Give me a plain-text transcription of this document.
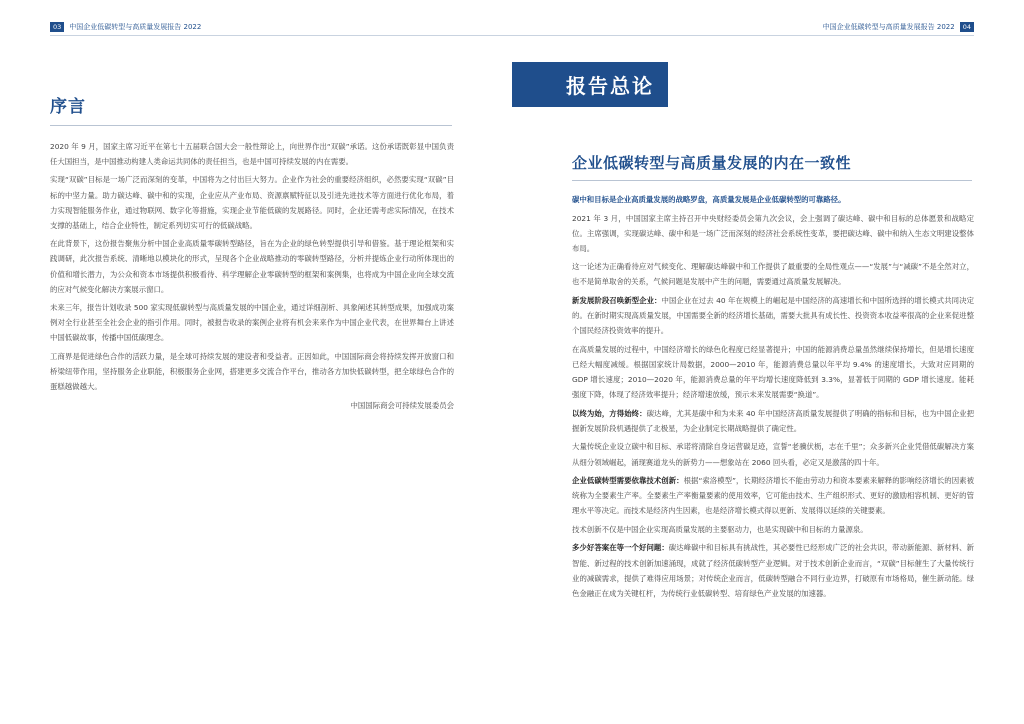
03	中国企业低碳转型与高质量发展报告 2022
序言

2020 年 9 月，国家主席习近平在第七十五届联合国大会一般性辩论上，向世界作出“双碳”承诺。这份承诺既彰显中国负责任大国担当，是中国推动构建人类命运共同体的责任担当，也是中国可持续发展的内在需要。

实现“双碳”目标是一场广泛而深刻的变革，中国将为之付出巨大努力。企业作为社会的重要经济组织，必然要实现“双碳”目标的中坚力量。助力碳达峰、碳中和的实现，企业应从产业布局、资源禀赋特征以及引进先进技术等方面进行优化布局，着力实现智能服务作业，通过物联网、数字化等措施，实现企业节能低碳的发展路径。同时，企业还需考虑实际情况，在技术支撑的基础上，结合企业特性，制定系列切实可行的低碳战略。

在此背景下，这份报告聚焦分析中国企业高质量零碳转型路径，旨在为企业的绿色转型提供引导和借鉴。基于理论框架和实践调研，此次报告系统、清晰地以模块化的形式，呈现各个企业战略推动的零碳转型路径，分析并提炼企业行动所体现出的价值和增长潜力，为公众和资本市场提供积极看待、科学理解企业零碳转型的框架和案例集，也将成为中国企业向全球交流的应对气候变化解决方案展示窗口。

未来三年，报告计划收录 500 家实现低碳转型与高质量发展的中国企业，通过详细剖析、具象阐述其转型成果，加强成功案例对全行业甚至全社会企业的指引作用。同时，被报告收录的案例企业将有机会来来作为中国企业代表，在世界舞台上讲述中国低碳故事，传播中国低碳理念。

工商界是促进绿色合作的活跃力量，是全球可持续发展的建设者和受益者。正因如此，中国国际商会将持续发挥开放窗口和桥梁纽带作用，坚持服务企业职能，积极服务企业网，搭建更多交流合作平台，推动各方加快低碳转型，把全球绿色合作的蛋糕越做越大。

中国国际商会可持续发展委员会

中国企业低碳转型与高质量发展报告 2022	04
报告总论
企业低碳转型与高质量发展的内在一致性

碳中和目标是企业高质量发展的战略罗盘，高质量发展是企业低碳转型的可靠路径。

2021 年 3 月，中国国家主席主持召开中央财经委员会第九次会议，会上强调了碳达峰、碳中和目标的总体愿景和战略定位。主席强调，实现碳达峰、碳中和是一场广泛而深刻的经济社会系统性变革，要把碳达峰、碳中和纳入生态文明建设整体布局。

这一论述为正确看待应对气候变化、理解碳达峰碳中和工作提供了最重要的全局性观点——“发展”与“减碳”不是全然对立，也不是简单取舍的关系，气候问题是发展中产生的问题，需要通过高质量发展解决。

新发展阶段召唤新型企业：中国企业在过去 40 年在规模上的崛起是中国经济的高速增长和中国所选择的增长模式共同决定的。在新时期实现高质量发展，中国需要全新的经济增长基础，需要大批具有成长性、投资资本收益率很高的企业来促进整个国民经济投资效率的提升。

在高质量发展的过程中，中国经济增长的绿色化程度已经显著提升；中国的能源消费总量虽然继续保持增长，但是增长速度已经大幅度减缓。根据国家统计局数据，2000—2010 年，能源消费总量以年平均 9.4% 的速度增长，大致对应同期的 GDP 增长速度；2010—2020 年，能源消费总量的年平均增长速度降低到 3.3%，显著低于同期的 GDP 增长速度。能耗强度下降，体现了经济效率提升；经济增速放缓，预示未来发展需要“换道”。

以终为始，方得始终：碳达峰，尤其是碳中和为未来 40 年中国经济高质量发展提供了明确的指标和目标，也为中国企业把握新发展阶段机遇提供了北极星，为企业制定长期战略提供了确定性。

大量传统企业设立碳中和目标、承诺将清除自身运营碳足迹，宣誓“老骥伏枥，志在千里”；众多新兴企业凭借低碳解决方案从细分领域崛起，涌现赛道龙头的新势力——想象站在 2060 回头看，必定又是激荡的四十年。

企业低碳转型需要依靠技术创新：根据“索洛模型”，长期经济增长不能由劳动力和资本要素来解释的影响经济增长的因素被统称为全要素生产率。全要素生产率衡量要素的使用效率，它可能由技术、生产组织形式、更好的激励相容机制、更好的管理水平等决定。而技术是经济内生因素，也是经济增长模式得以更新、发展得以延续的关键要素。

技术创新不仅是中国企业实现高质量发展的主要驱动力，也是实现碳中和目标的力量源泉。

多少好答案在等一个好问题：碳达峰碳中和目标具有挑战性，其必要性已经形成广泛的社会共识，带动新能源、新材料、新智能、新过程的技术创新加速涌现，成就了经济低碳转型产业逻辑。对于技术创新企业而言，“双碳”目标催生了大量传统行业的减碳需求，提供了难得应用场景；对传统企业而言，低碳转型融合不同行业边界，打破原有市场格局，催生新动能。绿色金融正在成为关键杠杆，为传统行业低碳转型、培育绿色产业发展的加速器。
